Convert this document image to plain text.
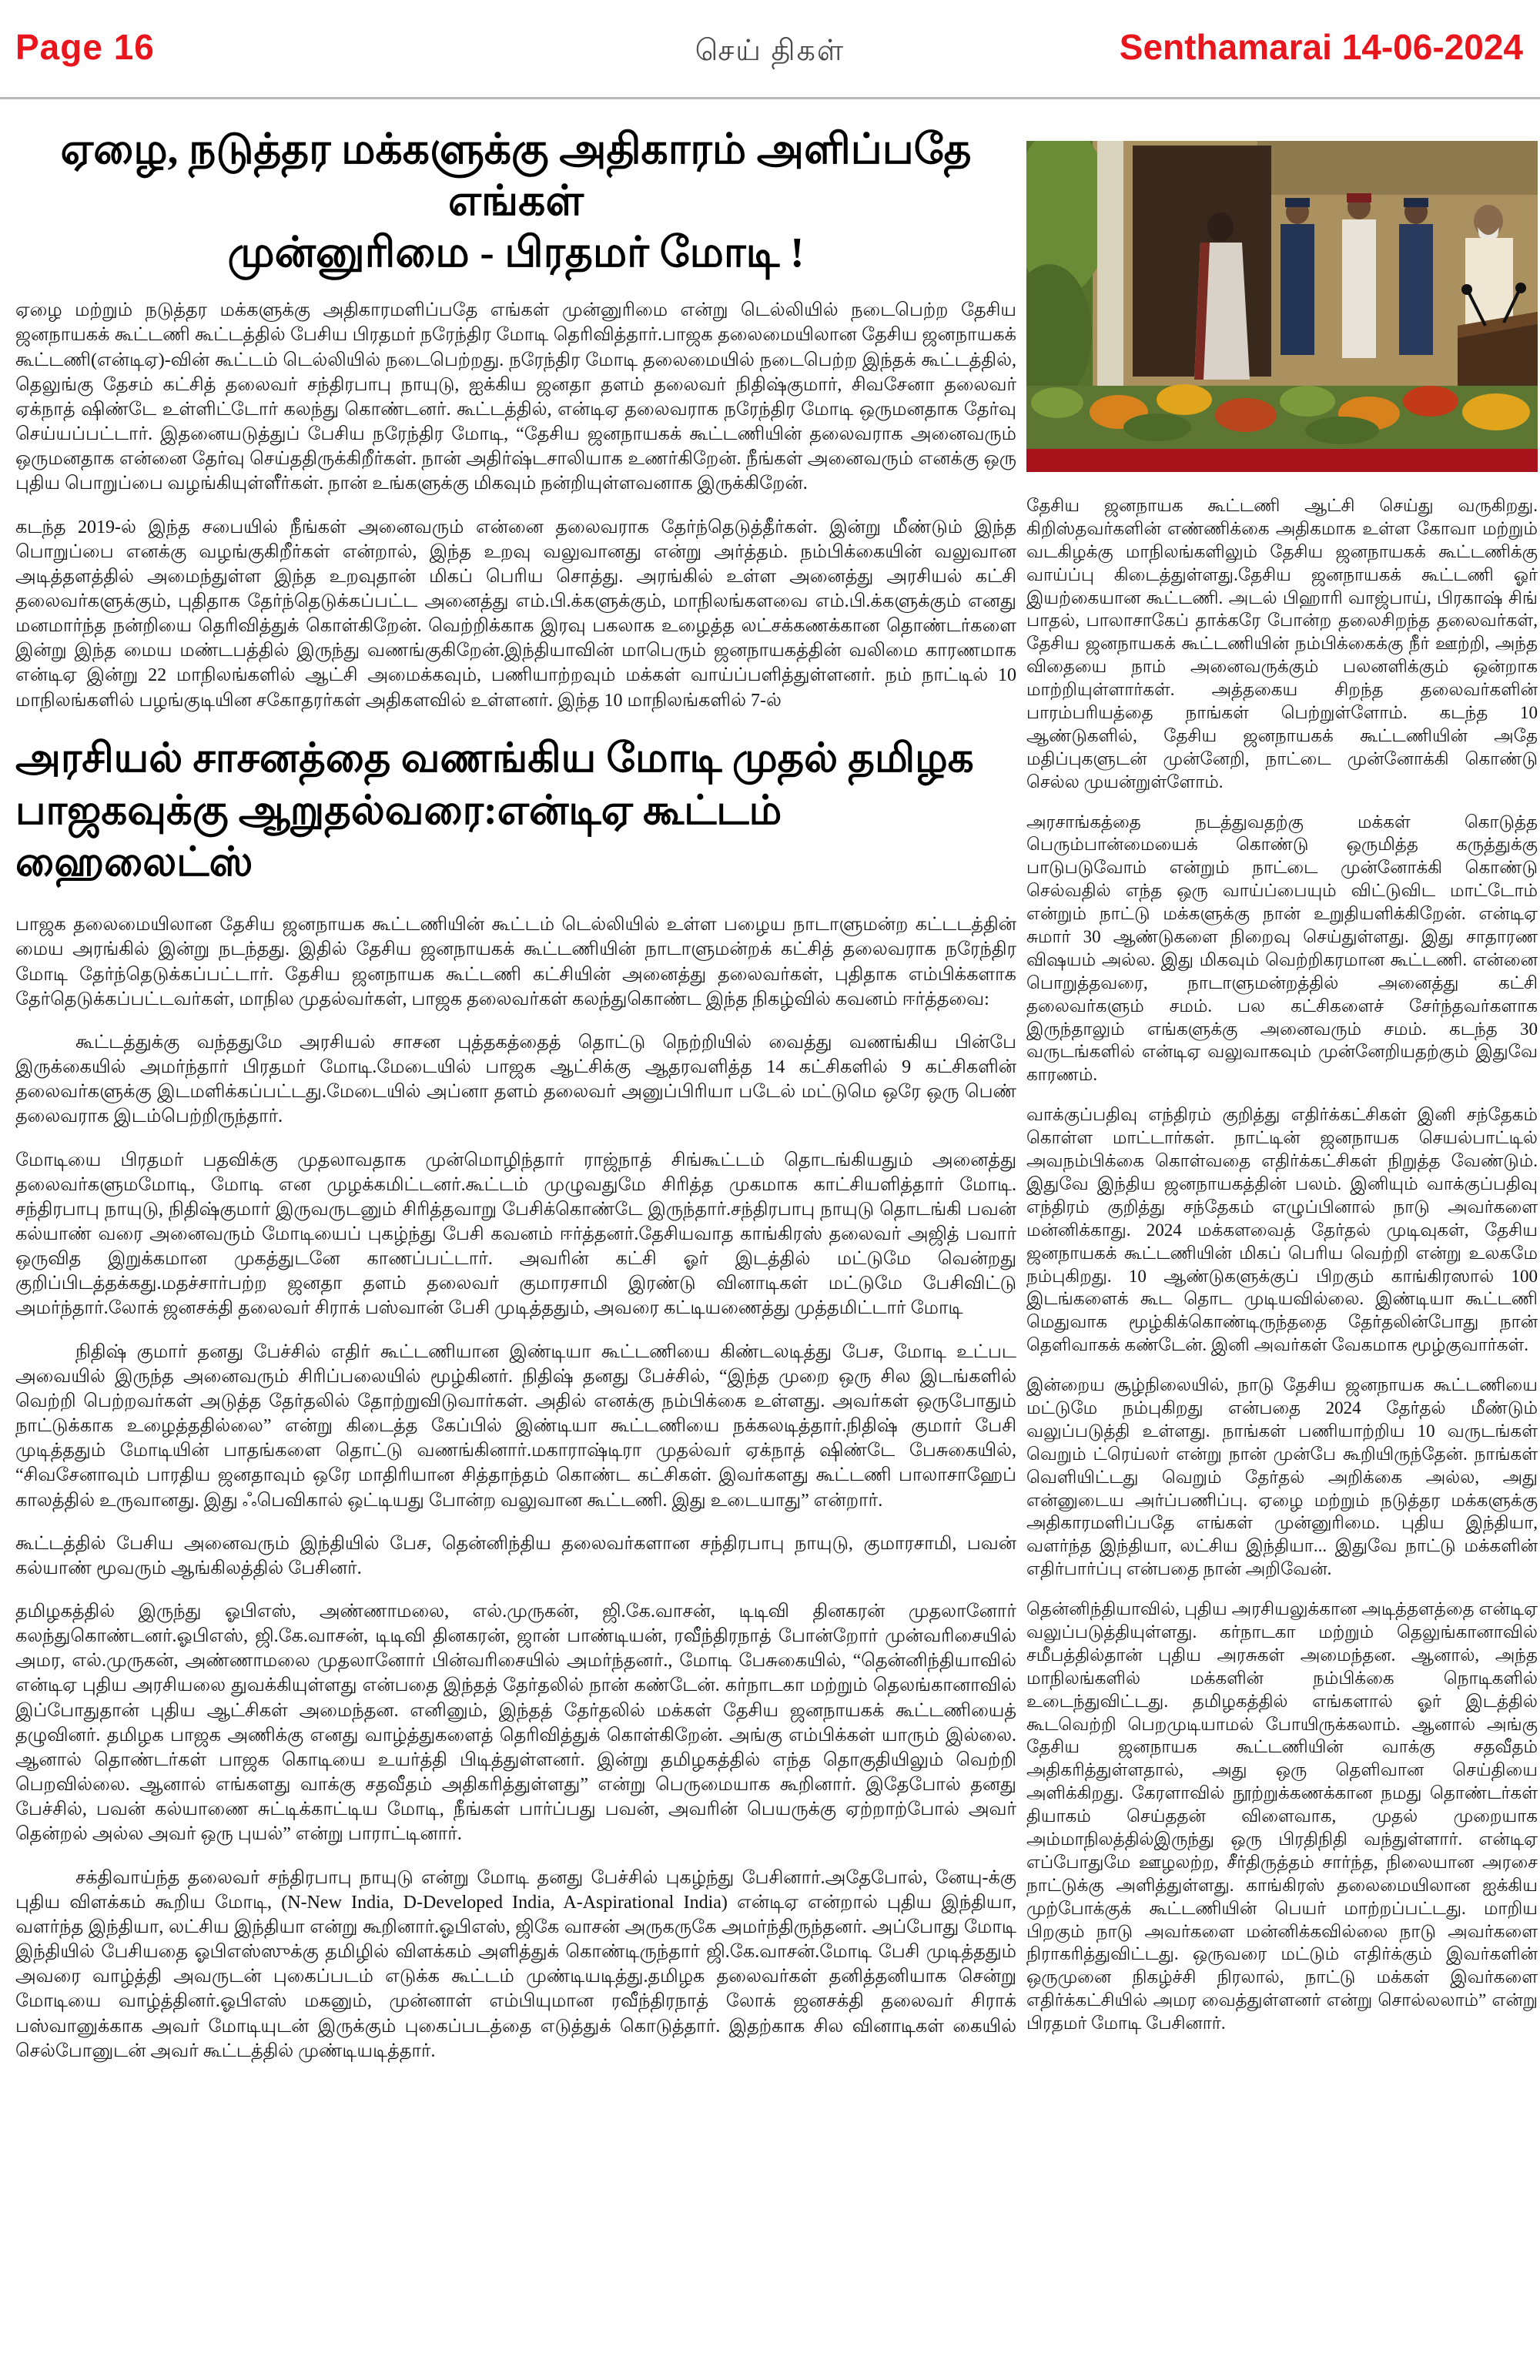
Page 16	செய் திகள்	Senthamarai 14-06-2024
ஏழை, நடுத்தர மக்களுக்கு அதிகாரம் அளிப்பதே எங்கள்
முன்னுரிமை - பிரதமர் மோடி !

ஏழை மற்றும் நடுத்தர மக்களுக்கு அதிகாரமளிப்பதே எங்கள் முன்னுரிமை என்று டெல்லியில் நடைபெற்ற தேசிய ஜனநாயகக் கூட்டணி கூட்டத்தில் பேசிய பிரதமர் நரேந்திர மோடி தெரிவித்தார்.பாஜக தலைமையிலான தேசிய ஜனநாயகக் கூட்டணி(என்டிஏ)-வின் கூட்டம் டெல்லியில் நடைபெற்றது. நரேந்திர மோடி தலைமையில் நடைபெற்ற இந்தக் கூட்டத்தில், தெலுங்கு தேசம் கட்சித் தலைவர் சந்திரபாபு நாயுடு, ஐக்கிய ஜனதா தளம் தலைவர் நிதிஷ்குமார், சிவசேனா தலைவர் ஏக்நாத் ஷிண்டே உள்ளிட்டோர் கலந்து கொண்டனர். கூட்டத்தில், என்டிஏ தலைவராக நரேந்திர மோடி ஒருமனதாக தேர்வு செய்யப்பட்டார். இதனையடுத்துப் பேசிய நரேந்திர மோடி, “தேசிய ஜனநாயகக் கூட்டணியின் தலைவராக அனைவரும் ஒருமனதாக என்னை தேர்வு செய்ததிருக்கிறீர்கள். நான் அதிர்ஷ்டசாலியாக உணர்கிறேன். நீங்கள் அனைவரும் எனக்கு ஒரு புதிய பொறுப்பை வழங்கியுள்ளீர்கள். நான் உங்களுக்கு மிகவும் நன்றியுள்ளவனாக இருக்கிறேன்.

கடந்த 2019-ல் இந்த சபையில் நீங்கள் அனைவரும் என்னை தலைவராக தேர்ந்தெடுத்தீர்கள். இன்று மீண்டும் இந்த பொறுப்பை எனக்கு வழங்குகிறீர்கள் என்றால், இந்த உறவு வலுவானது என்று அர்த்தம். நம்பிக்கையின் வலுவான அடித்தளத்தில் அமைந்துள்ள இந்த உறவுதான் மிகப் பெரிய சொத்து. அரங்கில் உள்ள அனைத்து அரசியல் கட்சி தலைவர்களுக்கும், புதிதாக தேர்ந்தெடுக்கப்பட்ட அனைத்து எம்.பி.க்களுக்கும், மாநிலங்களவை எம்.பி.க்களுக்கும் எனது மனமார்ந்த நன்றியை தெரிவித்துக் கொள்கிறேன். வெற்றிக்காக இரவு பகலாக உழைத்த லட்சக்கணக்கான தொண்டர்களை இன்று இந்த மைய மண்டபத்தில் இருந்து வணங்குகிறேன்.இந்தியாவின் மாபெரும் ஜனநாயகத்தின் வலிமை காரணமாக என்டிஏ இன்று 22 மாநிலங்களில் ஆட்சி அமைக்கவும், பணியாற்றவும் மக்கள் வாய்ப்பளித்துள்ளனர். நம் நாட்டில் 10 மாநிலங்களில் பழங்குடியின சகோதரர்கள் அதிகளவில் உள்ளனர். இந்த 10 மாநிலங்களில் 7-ல்

அரசியல் சாசனத்தை வணங்கிய மோடி முதல் தமிழக
பாஜகவுக்கு ஆறுதல்வரை:என்டிஏ கூட்டம் ஹைலைட்ஸ்

பாஜக தலைமையிலான தேசிய ஜனநாயக கூட்டணியின் கூட்டம் டெல்லியில் உள்ள பழைய நாடாளுமன்ற கட்டடத்தின் மைய அரங்கில் இன்று நடந்தது. இதில் தேசிய ஜனநாயகக் கூட்டணியின் நாடாளுமன்றக் கட்சித் தலைவராக நரேந்திர மோடி தேர்ந்தெடுக்கப்பட்டார். தேசிய ஜனநாயக கூட்டணி கட்சியின் அனைத்து தலைவர்கள், புதிதாக எம்பிக்களாக தேர்தெடுக்கப்பட்டவர்கள், மாநில முதல்வர்கள், பாஜக தலைவர்கள் கலந்துகொண்ட இந்த நிகழ்வில் கவனம் ஈர்த்தவை:

கூட்டத்துக்கு வந்ததுமே அரசியல் சாசன புத்தகத்தைத் தொட்டு நெற்றியில் வைத்து வணங்கிய பின்பே இருக்கையில் அமர்ந்தார் பிரதமர் மோடி.மேடையில் பாஜக ஆட்சிக்கு ஆதரவளித்த 14 கட்சிகளில் 9 கட்சிகளின் தலைவர்களுக்கு இடமளிக்கப்பட்டது.மேடையில் அப்னா தளம் தலைவர் அனுப்பிரியா படேல் மட்டுமெ ஒரே ஒரு பெண் தலைவராக இடம்பெற்றிருந்தார்.

மோடியை பிரதமர் பதவிக்கு முதலாவதாக முன்மொழிந்தார் ராஜ்நாத் சிங்கூட்டம் தொடங்கியதும் அனைத்து தலைவர்களுமமோடி, மோடி என முழக்கமிட்டனர்.கூட்டம் முழுவதுமே சிரித்த முகமாக காட்சியளித்தார் மோடி. சந்திரபாபு நாயுடு, நிதிஷ்குமார் இருவருடனும் சிரித்தவாறு பேசிக்கொண்டே இருந்தார்.சந்திரபாபு நாயுடு தொடங்கி பவன் கல்யாண் வரை அனைவரும் மோடியைப் புகழ்ந்து பேசி கவனம் ஈர்த்தனர்.தேசியவாத காங்கிரஸ் தலைவர் அஜித் பவார் ஒருவித இறுக்கமான முகத்துடனே காணப்பட்டார். அவரின் கட்சி ஓர் இடத்தில் மட்டுமே வென்றது குறிப்பிடத்தக்கது.மதச்சார்பற்ற ஜனதா தளம் தலைவர் குமாரசாமி இரண்டு வினாடிகள் மட்டுமே பேசிவிட்டு அமர்ந்தார்.லோக் ஜனசக்தி தலைவர் சிராக் பஸ்வான் பேசி முடித்ததும், அவரை கட்டியணைத்து முத்தமிட்டார் மோடி

நிதிஷ் குமார் தனது பேச்சில் எதிர் கூட்டணியான இண்டியா கூட்டணியை கிண்டலடித்து பேச, மோடி உட்பட அவையில் இருந்த அனைவரும் சிரிப்பலையில் மூழ்கினர். நிதிஷ் தனது பேச்சில், “இந்த முறை ஒரு சில இடங்களில் வெற்றி பெற்றவர்கள் அடுத்த தேர்தலில் தோற்றுவிடுவார்கள். அதில் எனக்கு நம்பிக்கை உள்ளது. அவர்கள் ஒருபோதும் நாட்டுக்காக உழைத்ததில்லை” என்று கிடைத்த கேப்பில் இண்டியா கூட்டணியை நக்கலடித்தார்.நிதிஷ் குமார் பேசி முடித்ததும் மோடியின் பாதங்களை தொட்டு வணங்கினார்.மகாராஷ்டிரா முதல்வர் ஏக்நாத் ஷிண்டே பேசுகையில், “சிவசேனாவும் பாரதிய ஜனதாவும் ஒரே மாதிரியான சித்தாந்தம் கொண்ட கட்சிகள். இவர்களது கூட்டணி பாலாசாஹேப் காலத்தில் உருவானது. இது ஃபெவிகால் ஒட்டியது போன்ற வலுவான கூட்டணி. இது உடையாது” என்றார்.

கூட்டத்தில் பேசிய அனைவரும் இந்தியில் பேச, தென்னிந்திய தலைவர்களான சந்திரபாபு நாயுடு, குமாரசாமி, பவன் கல்யாண் மூவரும் ஆங்கிலத்தில் பேசினர்.

தமிழகத்தில் இருந்து ஓபிஎஸ், அண்ணாமலை, எல்.முருகன், ஜி.கே.வாசன், டிடிவி தினகரன் முதலானோர் கலந்துகொண்டனர்.ஓபிஎஸ், ஜி.கே.வாசன், டிடிவி தினகரன், ஜான் பாண்டியன், ரவீந்திரநாத் போன்றோர் முன்வரிசையில் அமர, எல்.முருகன், அண்ணாமலை முதலானோர் பின்வரிசையில் அமர்ந்தனர்., மோடி பேசுகையில், “தென்னிந்தியாவில் என்டிஏ புதிய அரசியலை துவக்கியுள்ளது என்பதை இந்தத் தேர்தலில் நான் கண்டேன். கர்நாடகா மற்றும் தெலங்கானாவில் இப்போதுதான் புதிய ஆட்சிகள் அமைந்தன. எனினும், இந்தத் தேர்தலில் மக்கள் தேசிய ஜனநாயகக் கூட்டணியைத் தழுவினர். தமிழக பாஜக அணிக்கு எனது வாழ்த்துகளைத் தெரிவித்துக் கொள்கிறேன். அங்கு எம்பிக்கள் யாரும் இல்லை. ஆனால் தொண்டர்கள் பாஜக கொடியை உயர்த்தி பிடித்துள்ளனர். இன்று தமிழகத்தில் எந்த தொகுதியிலும் வெற்றி பெறவில்லை. ஆனால் எங்களது வாக்கு சதவீதம் அதிகரித்துள்ளது” என்று பெருமையாக கூறினார். இதேபோல் தனது பேச்சில், பவன் கல்யாணை சுட்டிக்காட்டிய மோடி, நீங்கள் பார்ப்பது பவன், அவரின் பெயருக்கு ஏற்றாற்போல் அவர் தென்றல் அல்ல அவர் ஒரு புயல்” என்று பாராட்டினார்.

சக்திவாய்ந்த தலைவர் சந்திரபாபு நாயுடு என்று மோடி தனது பேச்சில் புகழ்ந்து பேசினார்.அதேபோல், னேயு-க்கு புதிய விளக்கம் கூறிய மோடி, (N-New India, D-Developed India, A-Aspirational India) என்டிஏ என்றால் புதிய இந்தியா, வளர்ந்த இந்தியா, லட்சிய இந்தியா என்று கூறினார்.ஓபிஎஸ், ஜிகே வாசன் அருகருகே அமர்ந்திருந்தனர். அப்போது மோடி இந்தியில் பேசியதை ஓபிஎஸ்ஸுக்கு தமிழில் விளக்கம் அளித்துக் கொண்டிருந்தார் ஜி.கே.வாசன்.மோடி பேசி முடித்ததும் அவரை வாழ்த்தி அவருடன் புகைப்படம் எடுக்க கூட்டம் முண்டியடித்து.தமிழக தலைவர்கள் தனித்தனியாக சென்று மோடியை வாழ்த்தினர்.ஓபிஎஸ் மகனும், முன்னாள் எம்பியுமான ரவீந்திரநாத் லோக் ஜனசக்தி தலைவர் சிராக் பஸ்வானுக்காக அவர் மோடியுடன் இருக்கும் புகைப்படத்தை எடுத்துக் கொடுத்தார். இதற்காக சில வினாடிகள் கையில் செல்போனுடன் அவர் கூட்டத்தில் முண்டியடித்தார்.

தேசிய ஜனநாயக கூட்டணி ஆட்சி செய்து வருகிறது. கிறிஸ்தவர்களின் எண்ணிக்கை அதிகமாக உள்ள கோவா மற்றும் வடகிழக்கு மாநிலங்களிலும் தேசிய ஜனநாயகக் கூட்டணிக்கு வாய்ப்பு கிடைத்துள்ளது.தேசிய ஜனநாயகக் கூட்டணி ஓர் இயற்கையான கூட்டணி. அடல் பிஹாரி வாஜ்பாய், பிரகாஷ் சிங் பாதல், பாலாசாகேப் தாக்கரே போன்ற தலைசிறந்த தலைவர்கள், தேசிய ஜனநாயகக் கூட்டணியின் நம்பிக்கைக்கு நீர் ஊற்றி, அந்த விதையை நாம் அனைவருக்கும் பலனளிக்கும் ஒன்றாக மாற்றியுள்ளார்கள். அத்தகைய சிறந்த தலைவர்களின் பாரம்பரியத்தை நாங்கள் பெற்றுள்ளோம். கடந்த 10 ஆண்டுகளில், தேசிய ஜனநாயகக் கூட்டணியின் அதே மதிப்புகளுடன் முன்னேறி, நாட்டை முன்னோக்கி கொண்டு செல்ல முயன்றுள்ளோம்.

அரசாங்கத்தை நடத்துவதற்கு மக்கள் கொடுத்த பெரும்பான்மையைக் கொண்டு ஒருமித்த கருத்துக்கு பாடுபடுவோம் என்றும் நாட்டை முன்னோக்கி கொண்டு செல்வதில் எந்த ஒரு வாய்ப்பையும் விட்டுவிட மாட்டோம் என்றும் நாட்டு மக்களுக்கு நான் உறுதியளிக்கிறேன். என்டிஏ சுமார் 30 ஆண்டுகளை நிறைவு செய்துள்ளது. இது சாதாரண விஷயம் அல்ல. இது மிகவும் வெற்றிகரமான கூட்டணி. என்னை பொறுத்தவரை, நாடாளுமன்றத்தில் அனைத்து கட்சி தலைவர்களும் சமம். பல கட்சிகளைச் சேர்ந்தவர்களாக இருந்தாலும் எங்களுக்கு அனைவரும் சமம். கடந்த 30 வருடங்களில் என்டிஏ வலுவாகவும் முன்னேறியதற்கும் இதுவே காரணம்.

வாக்குப்பதிவு எந்திரம் குறித்து எதிர்க்கட்சிகள் இனி சந்தேகம் கொள்ள மாட்டார்கள். நாட்டின் ஜனநாயக செயல்பாட்டில் அவநம்பிக்கை கொள்வதை எதிர்க்கட்சிகள் நிறுத்த வேண்டும். இதுவே இந்திய ஜனநாயகத்தின் பலம். இனியும் வாக்குப்பதிவு எந்திரம் குறித்து சந்தேகம் எழுப்பினால் நாடு அவர்களை மன்னிக்காது. 2024 மக்களவைத் தேர்தல் முடிவுகள், தேசிய ஜனநாயகக் கூட்டணியின் மிகப் பெரிய வெற்றி என்று உலகமே நம்புகிறது. 10 ஆண்டுகளுக்குப் பிறகும் காங்கிரஸால் 100 இடங்களைக் கூட தொட முடியவில்லை. இண்டியா கூட்டணி மெதுவாக மூழ்கிக்கொண்டிருந்ததை தேர்தலின்போது நான் தெளிவாகக் கண்டேன். இனி அவர்கள் வேகமாக மூழ்குவார்கள்.

இன்றைய சூழ்நிலையில், நாடு தேசிய ஜனநாயக கூட்டணியை மட்டுமே நம்புகிறது என்பதை 2024 தேர்தல் மீண்டும் வலுப்படுத்தி உள்ளது. நாங்கள் பணியாற்றிய 10 வருடங்கள் வெறும் ட்ரெய்லர் என்று நான் முன்பே கூறியிருந்தேன். நாங்கள் வெளியிட்டது வெறும் தேர்தல் அறிக்கை அல்ல, அது என்னுடைய அர்ப்பணிப்பு. ஏழை மற்றும் நடுத்தர மக்களுக்கு அதிகாரமளிப்பதே எங்கள் முன்னுரிமை. புதிய இந்தியா, வளர்ந்த இந்தியா, லட்சிய இந்தியா... இதுவே நாட்டு மக்களின் எதிர்பார்ப்பு என்பதை நான் அறிவேன்.

தென்னிந்தியாவில், புதிய அரசியலுக்கான அடித்தளத்தை என்டிஏ வலுப்படுத்தியுள்ளது. கர்நாடகா மற்றும் தெலுங்கானாவில் சமீபத்தில்தான் புதிய அரசுகள் அமைந்தன. ஆனால், அந்த மாநிலங்களில் மக்களின் நம்பிக்கை நொடிகளில் உடைந்துவிட்டது. தமிழகத்தில் எங்களால் ஓர் இடத்தில் கூடவெற்றி பெறமுடியாமல் போயிருக்கலாம். ஆனால் அங்கு தேசிய ஜனநாயக கூட்டணியின் வாக்கு சதவீதம் அதிகரித்துள்ளதால், அது ஒரு தெளிவான செய்தியை அளிக்கிறது. கேரளாவில் நூற்றுக்கணக்கான நமது தொண்டர்கள் தியாகம் செய்ததன் விளைவாக, முதல் முறையாக அம்மாநிலத்தில்இருந்து ஒரு பிரதிநிதி வந்துள்ளார். என்டிஏ எப்போதுமே ஊழலற்ற, சீர்திருத்தம் சார்ந்த, நிலையான அரசை நாட்டுக்கு அளித்துள்ளது. காங்கிரஸ் தலைமையிலான ஐக்கிய முற்போக்குக் கூட்டணியின் பெயர் மாற்றப்பட்டது. மாறிய பிறகும் நாடு அவர்களை மன்னிக்கவில்லை நாடு அவர்களை நிராகரித்துவிட்டது. ஒருவரை மட்டும் எதிர்க்கும் இவர்களின் ஒருமுனை நிகழ்ச்சி நிரலால், நாட்டு மக்கள் இவர்களை எதிர்க்கட்சியில் அமர வைத்துள்ளனர் என்று சொல்லலாம்” என்று பிரதமர் மோடி பேசினார்.
